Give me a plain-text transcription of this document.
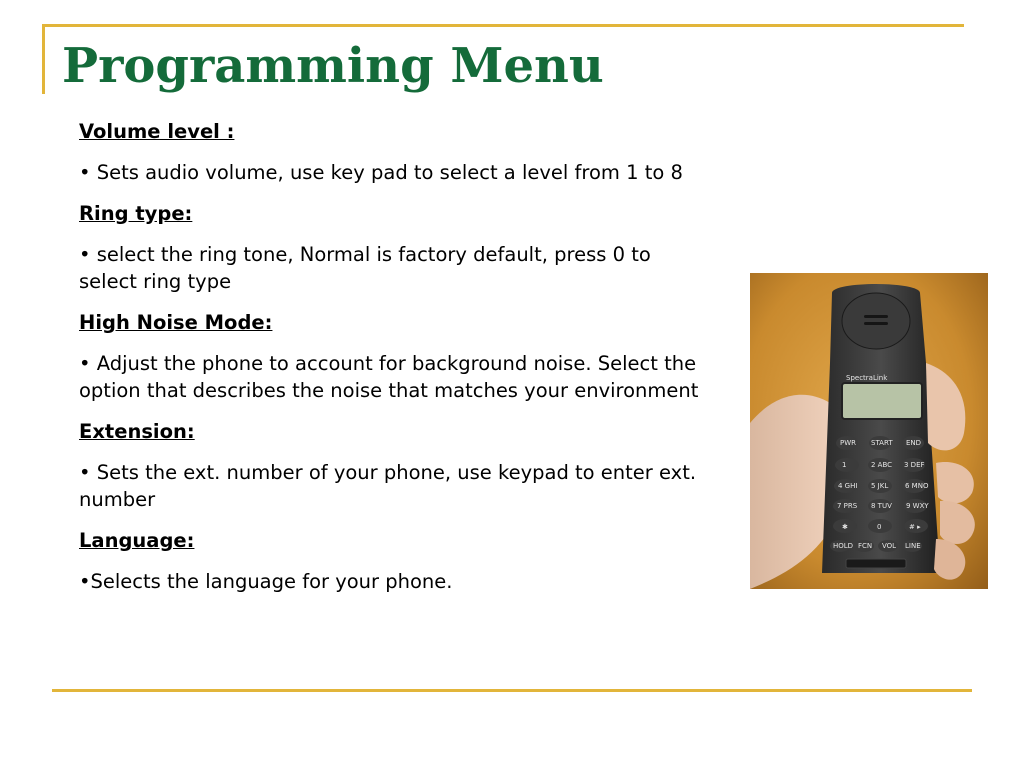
Programming Menu

Volume level :

• Sets audio volume, use key pad to select a level from 1 to 8

Ring type:

• select the ring tone, Normal is factory default, press 0 to select ring type

High Noise Mode:

• Adjust the phone to account for background noise. Select the option that describes the noise that matches your environment

Extension:

• Sets the ext. number of your phone, use keypad to enter ext. number

Language:

•Selects the language for your phone.

SpectraLink
PWR START END
1	2 ABC 3 DEF
4 GHI 5 JKL 6 MNO
7 PRS 8 TUV 9 WXY
✱	0	# ▸
HOLD FCN VOL LINE
